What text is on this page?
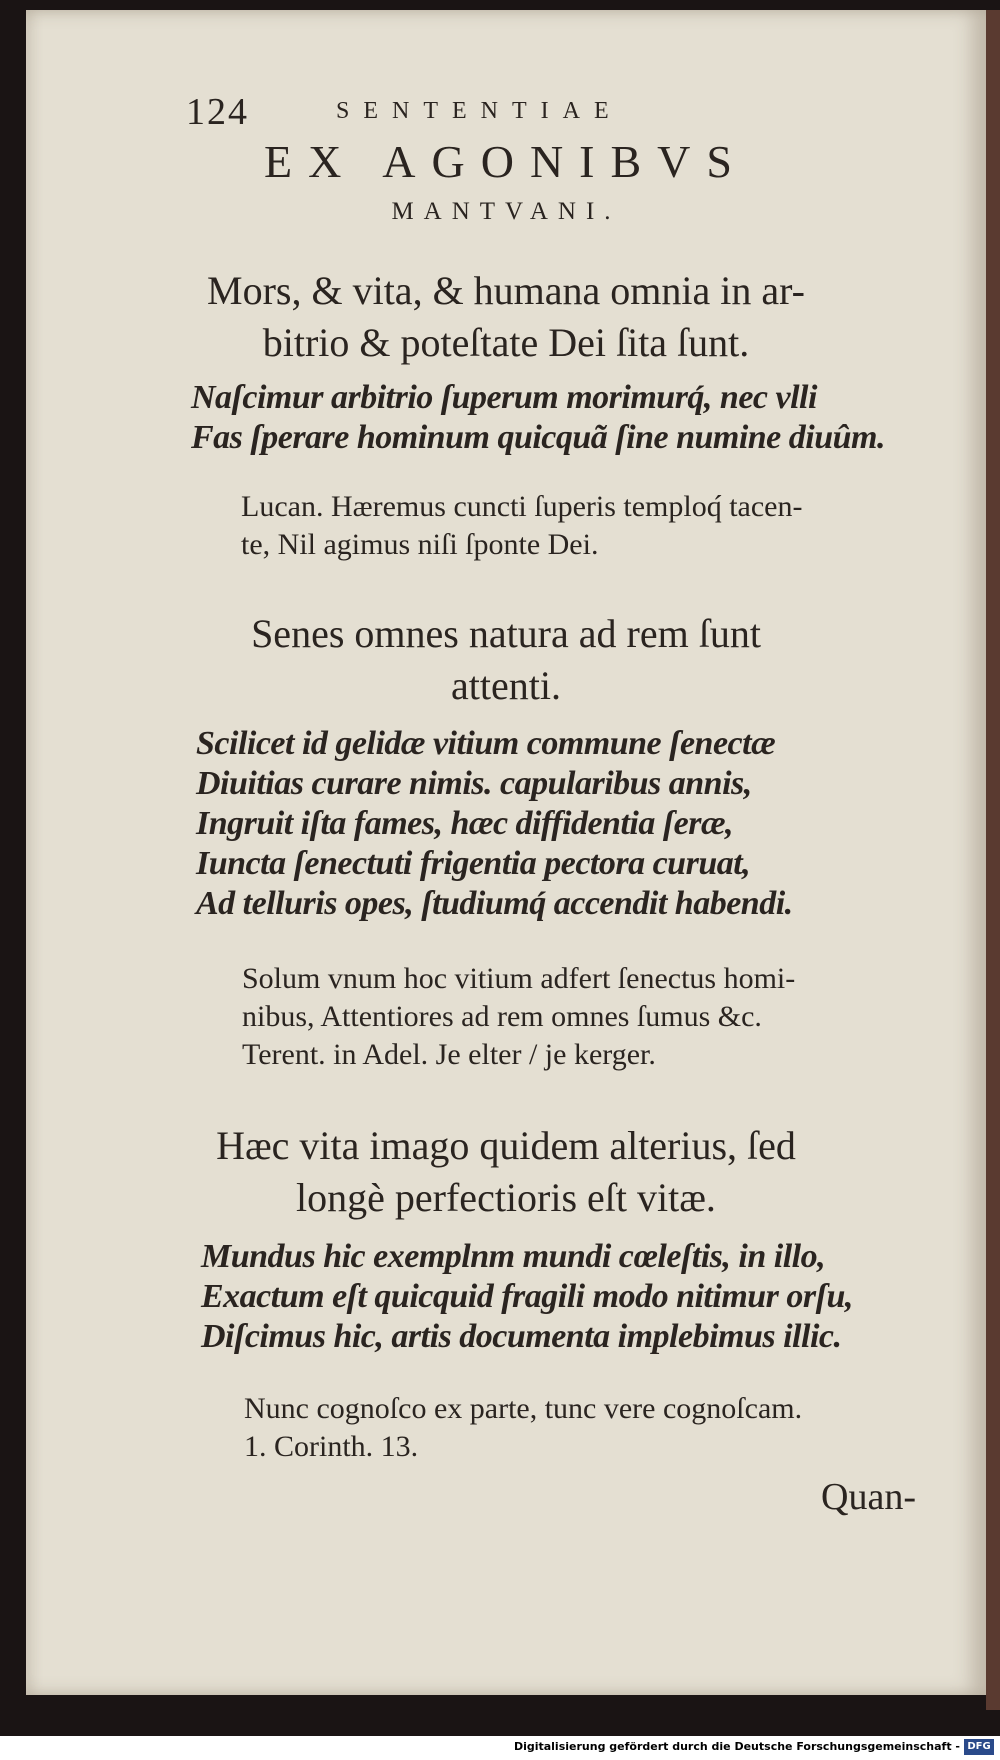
124	SENTENTIAE
EX AGONIBVS
MANTVANI.
Mors, & vita, & humana omnia in ar-
bitrio & poteſtate Dei ſita ſunt.
Naſcimur arbitrio ſuperum morimurq́, nec vlli
Fas ſperare hominum quicquã ſine numine diuûm.
Lucan. Hæremus cuncti ſuperis temploq́ tacen-
te, Nil agimus niſi ſponte Dei.
Senes omnes natura ad rem ſunt
attenti.
Scilicet id gelidæ vitium commune ſenectæ
Diuitias curare nimis. capularibus annis,
Ingruit iſta fames, hæc diffidentia ſeræ,
Iuncta ſenectuti frigentia pectora curuat,
Ad telluris opes, ſtudiumq́ accendit habendi.
Solum vnum hoc vitium adfert ſenectus homi-
nibus, Attentiores ad rem omnes ſumus &c.
Terent. in Adel. Je elter / je kerger.
Hæc vita imago quidem alterius, ſed
longè perfectioris eſt vitæ.
Mundus hic exemplnm mundi cœleſtis, in illo,
Exactum eſt quicquid fragili modo nitimur orſu,
Diſcimus hic, artis documenta implebimus illic.
Nunc cognoſco ex parte, tunc vere cognoſcam.
1. Corinth. 13.
Quan-
Digitalisierung gefördert durch die Deutsche Forschungsgemeinschaft - DFG
